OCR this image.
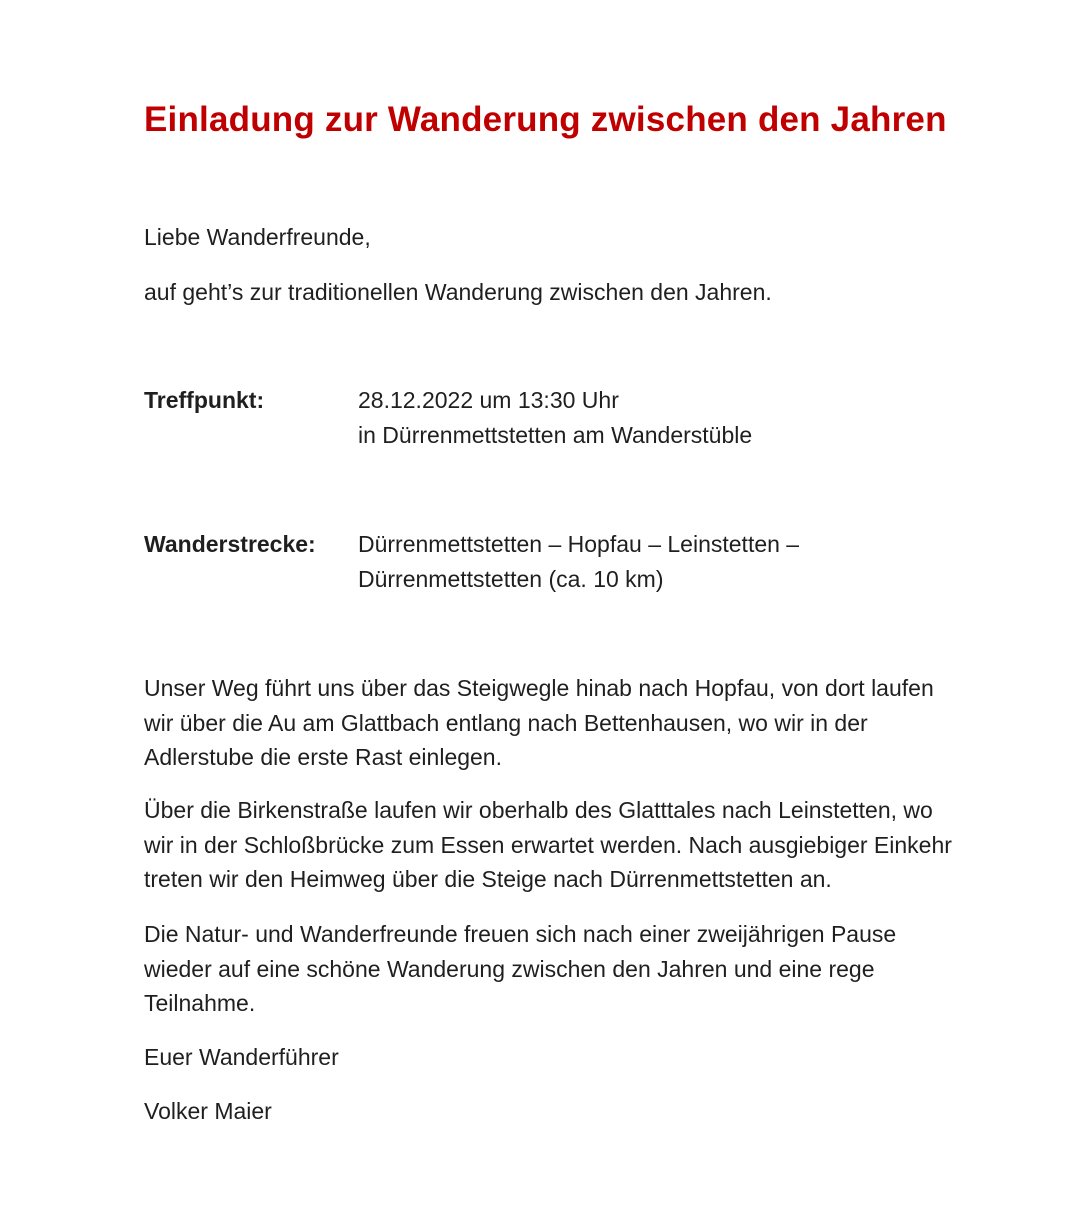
Einladung zur Wanderung zwischen den Jahren

Liebe Wanderfreunde,

auf geht’s zur traditionellen Wanderung zwischen den Jahren.

Treffpunkt:	28.12.2022 um 13:30 Uhr
in Dürrenmettstetten am Wanderstüble

Wanderstrecke: Dürrenmettstetten – Hopfau – Leinstetten –
Dürrenmettstetten (ca. 10 km)

Unser Weg führt uns über das Steigwegle hinab nach Hopfau, von dort laufen
wir über die Au am Glattbach entlang nach Bettenhausen, wo wir in der
Adlerstube die erste Rast einlegen.

Über die Birkenstraße laufen wir oberhalb des Glatttales nach Leinstetten, wo
wir in der Schloßbrücke zum Essen erwartet werden. Nach ausgiebiger Einkehr
treten wir den Heimweg über die Steige nach Dürrenmettstetten an.

Die Natur- und Wanderfreunde freuen sich nach einer zweijährigen Pause
wieder auf eine schöne Wanderung zwischen den Jahren und eine rege
Teilnahme.

Euer Wanderführer

Volker Maier
